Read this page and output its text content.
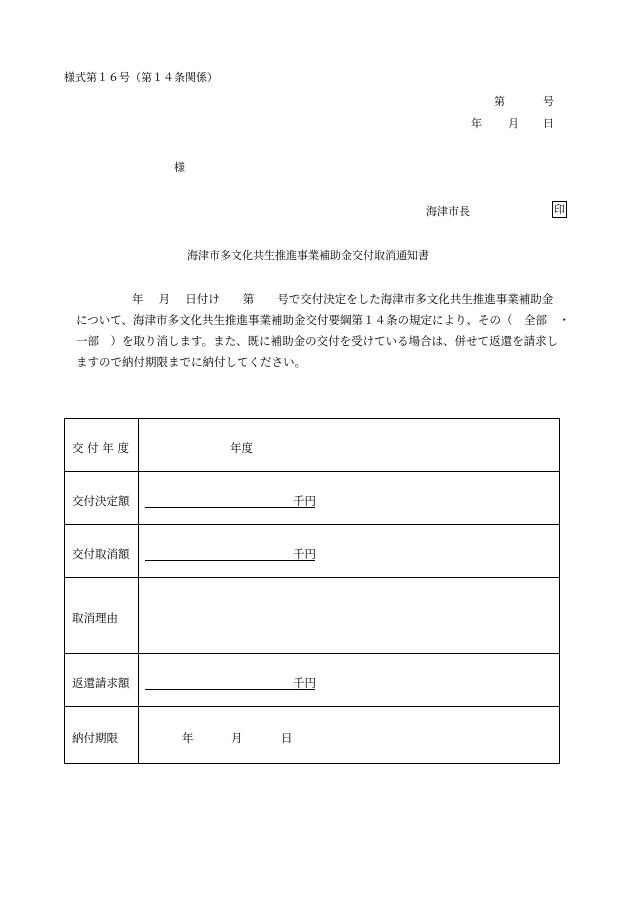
様式第１６号（第１４条関係）
第	号
年 月 日
様
海津市長	印
海津市多文化共生推進事業補助金交付取消通知書
年　 月　 日付け　　第　　号で交付決定をした海津市多文化共生推進事業補助金
について、海津市多文化共生推進事業補助金交付要綱第１４条の規定により、その（　全部　・
一部　）を取り消します。また、既に補助金の交付を受けている場合は、併せて返還を請求し
ますので納付期限までに納付してください。
交 付 年 度	年度
交付決定額	千円
交付取消額	千円
取消理由
返還請求額	千円
納付期限	年	月	日
